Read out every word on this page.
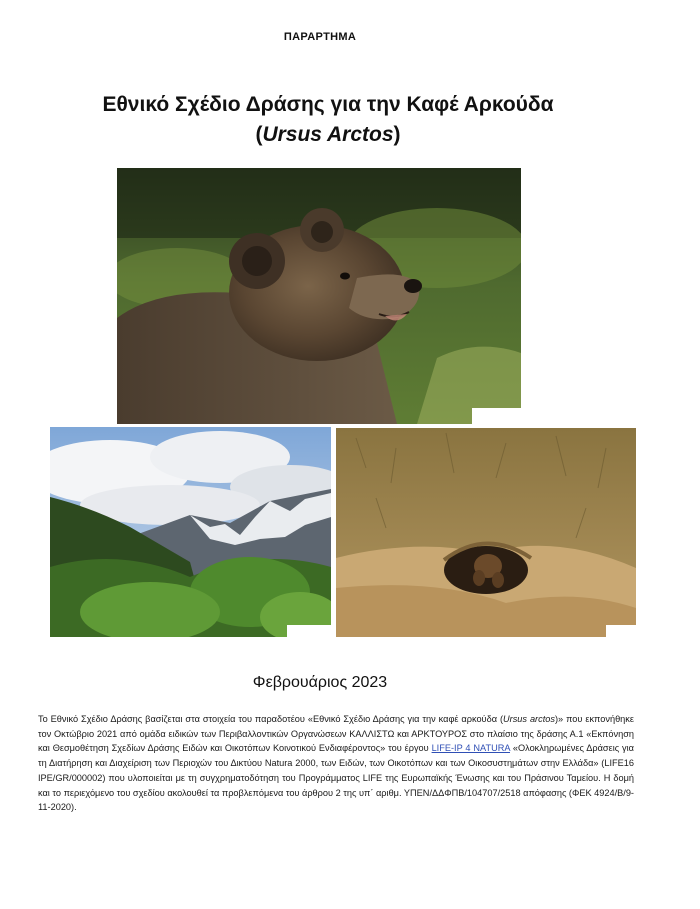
ΠΑΡΑΡΤΗΜΑ
Εθνικό Σχέδιο Δράσης για την Καφέ Αρκούδα
(Ursus Arctos)
Φεβρουάριος 2023
Το Εθνικό Σχέδιο Δράσης βασίζεται στα στοιχεία του παραδοτέου «Εθνικό Σχέδιο Δράσης για την καφέ αρκούδα (Ursus arctos)» που εκπονήθηκε τον Οκτώβριο 2021 από ομάδα ειδικών των Περιβαλλοντικών Οργανώσεων ΚΑΛΛΙΣΤΩ και ΑΡΚΤΟΥΡΟΣ στο πλαίσιο της δράσης Α.1 «Εκπόνηση και Θεσμοθέτηση Σχεδίων Δράσης Ειδών και Οικοτόπων Κοινοτικού Ενδιαφέροντος» του έργου LIFE-IP 4 NATURA «Ολοκληρωμένες Δράσεις για τη Διατήρηση και Διαχείριση των Περιοχών του Δικτύου Natura 2000, των Ειδών, των Οικοτόπων και των Οικοσυστημάτων στην Ελλάδα» (LIFE16 IPE/GR/000002) που υλοποιείται με τη συγχρηματοδότηση του Προγράμματος LIFE της Ευρωπαϊκής Ένωσης και του Πράσινου Ταμείου. Η δομή και το περιεχόμενο του σχεδίου ακολουθεί τα προβλεπόμενα του άρθρου 2 της υπ΄ αριθμ. ΥΠΕΝ/ΔΔΦΠΒ/104707/2518 απόφασης (ΦΕΚ 4924/Β/9-11-2020).
